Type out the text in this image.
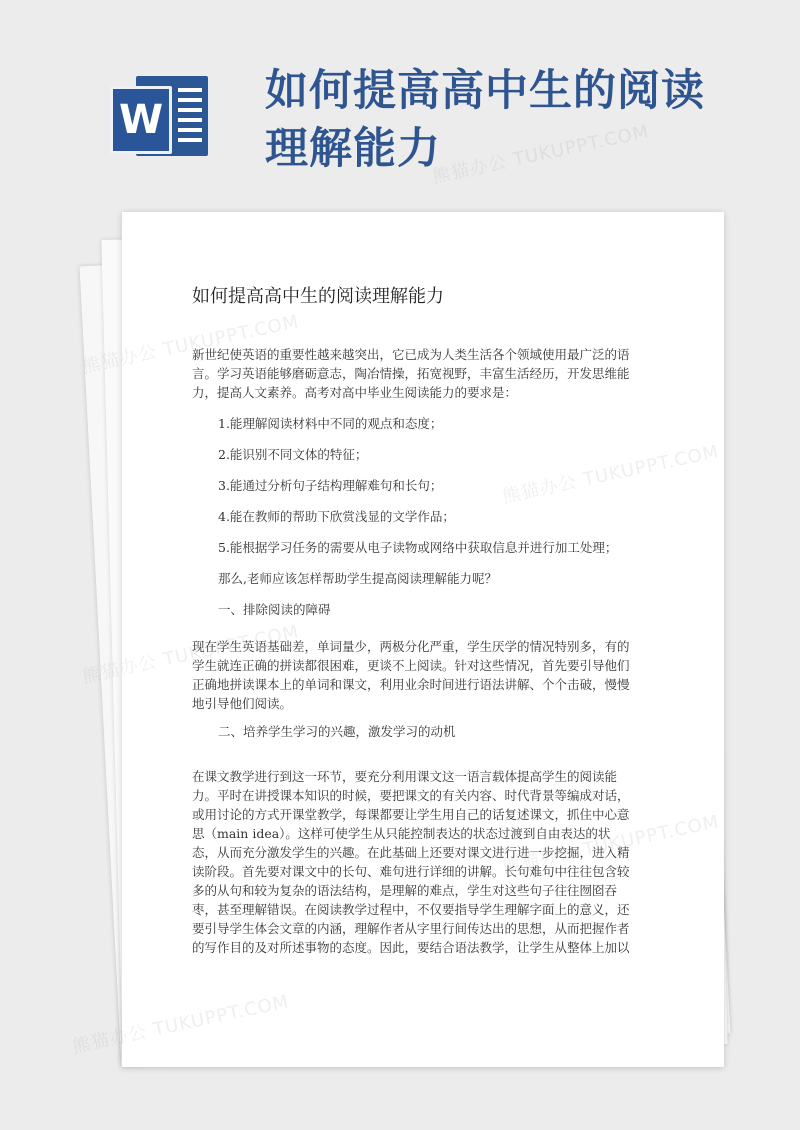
W
如何提高高中生的阅读理解能力
如何提高高中生的阅读理解能力

新世纪使英语的重要性越来越突出，它已成为人类生活各个领域使用最广泛的语言。学习英语能够磨砺意志，陶冶情操，拓宽视野，丰富生活经历，开发思维能力，提高人文素养。高考对高中毕业生阅读能力的要求是：

1.能理解阅读材料中不同的观点和态度；

2.能识别不同文体的特征；

3.能通过分析句子结构理解难句和长句；

4.能在教师的帮助下欣赏浅显的文学作品；

5.能根据学习任务的需要从电子读物或网络中获取信息并进行加工处理；

那么,老师应该怎样帮助学生提高阅读理解能力呢？

一、排除阅读的障碍

现在学生英语基础差，单词量少，两极分化严重，学生厌学的情况特别多，有的学生就连正确的拼读都很困难，更谈不上阅读。针对这些情况，首先要引导他们正确地拼读课本上的单词和课文，利用业余时间进行语法讲解、个个击破，慢慢地引导他们阅读。

二、培养学生学习的兴趣，激发学习的动机

在课文教学进行到这一环节，要充分利用课文这一语言载体提高学生的阅读能力。平时在讲授课本知识的时候，要把课文的有关内容、时代背景等编成对话，或用讨论的方式开课堂教学，每课都要让学生用自己的话复述课文，抓住中心意思（main idea）。这样可使学生从只能控制表达的状态过渡到自由表达的状态，从而充分激发学生的兴趣。在此基础上还要对课文进行进一步挖掘，进入精读阶段。首先要对课文中的长句、难句进行详细的讲解。长句难句中往往包含较多的从句和较为复杂的语法结构，是理解的难点，学生对这些句子往往囫囵吞枣，甚至理解错误。在阅读教学过程中，不仅要指导学生理解字面上的意义，还要引导学生体会文章的内涵，理解作者从字里行间传达出的思想，从而把握作者的写作目的及对所述事物的态度。因此，要结合语法教学，让学生从整体上加以

熊猫办公 TUKUPPT.COM
熊猫办公
